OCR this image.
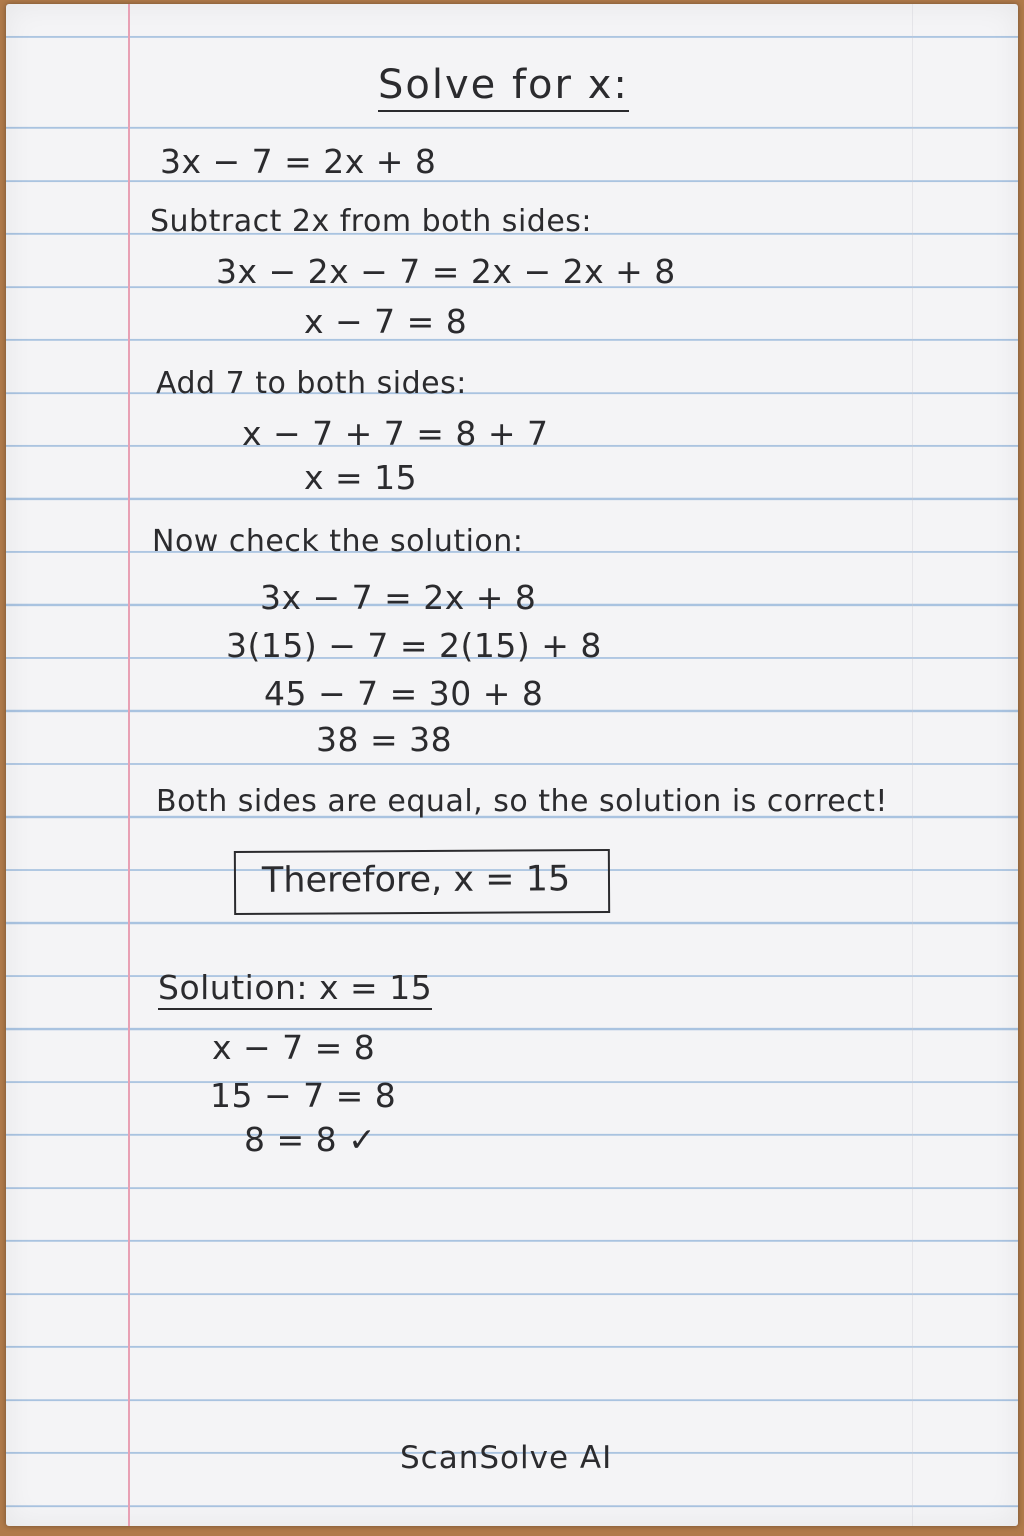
Solve for x:
3x − 7 = 2x + 8
Subtract 2x from both sides:
3x − 2x − 7 = 2x − 2x + 8
x − 7 = 8
Add 7 to both sides:
x − 7 + 7 = 8 + 7
x = 15
Now check the solution:
3x − 7 = 2x + 8
3(15) − 7 = 2(15) + 8
45 − 7 = 30 + 8
38 = 38
Both sides are equal, so the solution is correct!
Therefore, x = 15
Solution: x = 15
x − 7 = 8
15 − 7 = 8
8 = 8 ✓
ScanSolve AI
